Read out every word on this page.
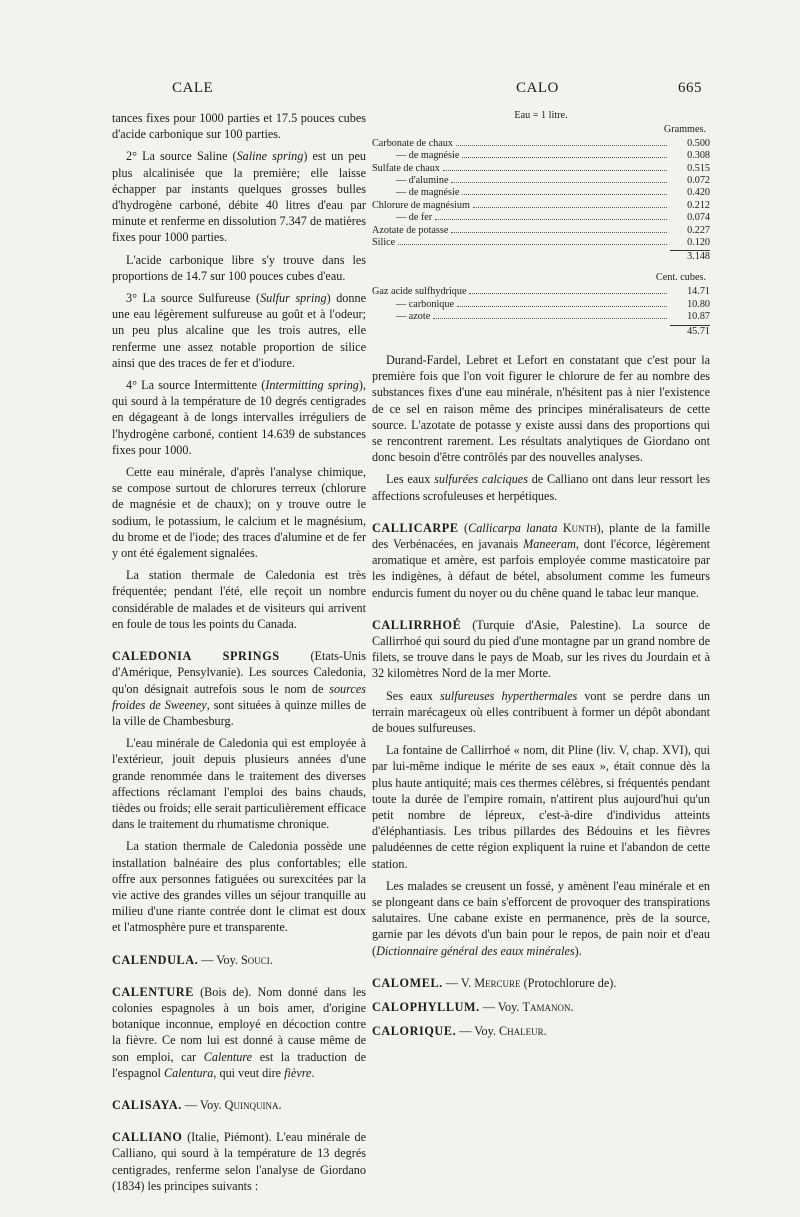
CALE	CALO	665

tances fixes pour 1000 parties et 17.5 pouces cubes d'acide carbonique sur 100 parties.

2° La source Saline (Saline spring) est un peu plus alcalinisée que la première; elle laisse échapper par instants quelques grosses bulles d'hydrogène carboné, débite 40 litres d'eau par minute et renferme en dissolution 7.347 de matières fixes pour 1000 parties.

L'acide carbonique libre s'y trouve dans les proportions de 14.7 sur 100 pouces cubes d'eau.

3° La source Sulfureuse (Sulfur spring) donne une eau légèrement sulfureuse au goût et à l'odeur; un peu plus alcaline que les trois autres, elle renferme une assez notable proportion de silice ainsi que des traces de fer et d'iodure.

4° La source Intermittente (Intermitting spring), qui sourd à la température de 10 degrés centigrades en dégageant à de longs intervalles irréguliers de l'hydrogène carboné, contient 14.639 de substances fixes pour 1000.

Cette eau minérale, d'après l'analyse chimique, se compose surtout de chlorures terreux (chlorure de magnésie et de chaux); on y trouve outre le sodium, le potassium, le calcium et le magnésium, du brome et de l'iode; des traces d'alumine et de fer y ont été également signalées.

La station thermale de Caledonia est très fréquentée; pendant l'été, elle reçoit un nombre considérable de malades et de visiteurs qui arrivent en foule de tous les points du Canada.

CALEDONIA SPRINGS (Etats-Unis d'Amérique, Pensylvanie). Les sources Caledonia, qu'on désignait autrefois sous le nom de sources froides de Sweeney, sont situées à quinze milles de la ville de Chambesburg.

L'eau minérale de Caledonia qui est employée à l'extérieur, jouit depuis plusieurs années d'une grande renommée dans le traitement des diverses affections réclamant l'emploi des bains chauds, tièdes ou froids; elle serait particulièrement efficace dans le traitement du rhumatisme chronique.

La station thermale de Caledonia possède une installation balnéaire des plus confortables; elle offre aux personnes fatiguées ou surexcitées par la vie active des grandes villes un séjour tranquille au milieu d'une riante contrée dont le climat est doux et l'atmosphère pure et transparente.

CALENDULA. — Voy. Souci.

CALENTURE (Bois de). Nom donné dans les colonies espagnoles à un bois amer, d'origine botanique inconnue, employé en décoction contre la fièvre. Ce nom lui est donné à cause même de son emploi, car Calenture est la traduction de l'espagnol Calentura, qui veut dire fièvre.

CALISAYA. — Voy. Quinquina.

CALLIANO (Italie, Piémont). L'eau minérale de Calliano, qui sourd à la température de 13 degrés centigrades, renferme selon l'analyse de Giordano (1834) les principes suivants :

Eau = 1 litre.
Grammes.
Carbonate de chaux	0.500
— de magnésie	0.308
Sulfate de chaux	0.515
— d'alumine	0.072
— de magnésie	0.420
Chlorure de magnésium	0.212
— de fer	0.074
Azotate de potasse	0.227
Silice	0.120
3.148
Cent. cubes.
Gaz acide sulfhydrique	14.71
— carbonique	10.80
— azote	10.87
45.71

Durand-Fardel, Lebret et Lefort en constatant que c'est pour la première fois que l'on voit figurer le chlorure de fer au nombre des substances fixes d'une eau minérale, n'hésitent pas à nier l'existence de ce sel en raison même des principes minéralisateurs de cette source. L'azotate de potasse y existe aussi dans des proportions qui se rencontrent rarement. Les résultats analytiques de Giordano ont donc besoin d'être contrôlés par des nouvelles analyses.

Les eaux sulfurées calciques de Calliano ont dans leur ressort les affections scrofuleuses et herpétiques.

CALLICARPE (Callicarpa lanata Kunth), plante de la famille des Verbénacées, en javanais Maneeram, dont l'écorce, légèrement aromatique et amère, est parfois employée comme masticatoire par les indigènes, à défaut de bétel, absolument comme les fumeurs endurcis fument du noyer ou du chêne quand le tabac leur manque.

CALLIRRHOÉ (Turquie d'Asie, Palestine). La source de Callirrhoé qui sourd du pied d'une montagne par un grand nombre de filets, se trouve dans le pays de Moab, sur les rives du Jourdain et à 32 kilomètres Nord de la mer Morte.

Ses eaux sulfureuses hyperthermales vont se perdre dans un terrain marécageux où elles contribuent à former un dépôt abondant de boues sulfureuses.

La fontaine de Callirrhoé « nom, dit Pline (liv. V, chap. XVI), qui par lui-même indique le mérite de ses eaux », était connue dès la plus haute antiquité; mais ces thermes célèbres, si fréquentés pendant toute la durée de l'empire romain, n'attirent plus aujourd'hui qu'un petit nombre de lépreux, c'est-à-dire d'individus atteints d'éléphantiasis. Les tribus pillardes des Bédouins et les fièvres paludéennes de cette région expliquent la ruine et l'abandon de cette station.

Les malades se creusent un fossé, y amènent l'eau minérale et en se plongeant dans ce bain s'efforcent de provoquer des transpirations salutaires. Une cabane existe en permanence, près de la source, garnie par les dévots d'un bain pour le repos, de pain noir et d'eau (Dictionnaire général des eaux minérales).

CALOMEL. — V. Mercure (Protochlorure de).

CALOPHYLLUM. — Voy. Tamanon.

CALORIQUE. — Voy. Chaleur.
